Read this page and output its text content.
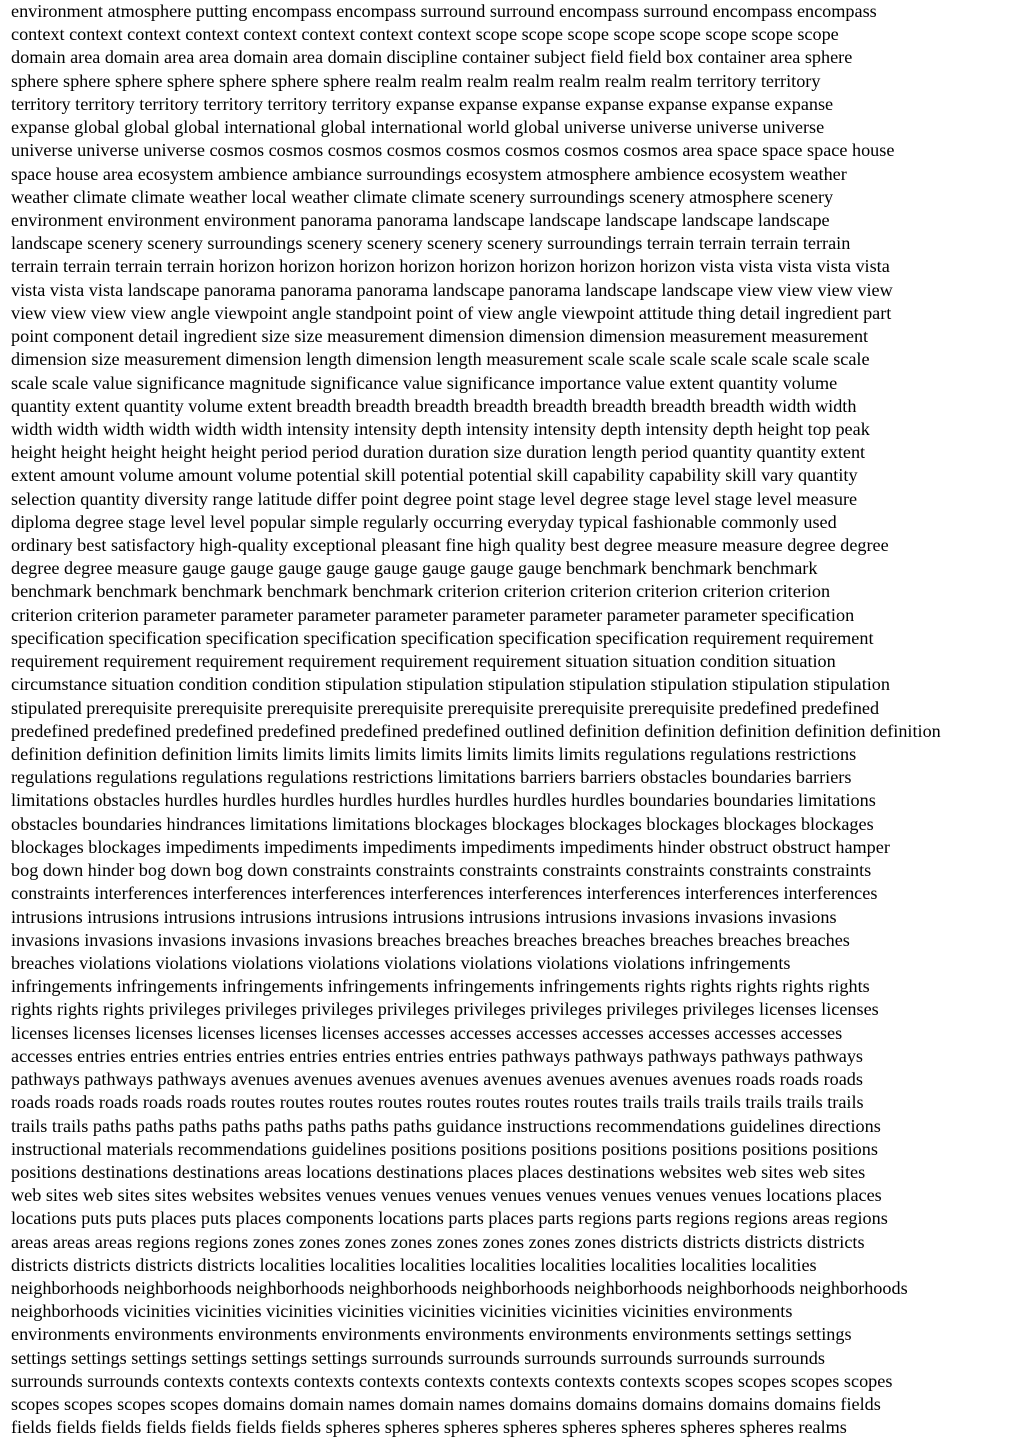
environment atmosphere putting encompass encompass surround surround encompass surround encompass encompass
context context context context context context context context scope scope scope scope scope scope scope scope
domain area domain area area domain area domain discipline container subject field field box container area sphere
sphere sphere sphere sphere sphere sphere sphere realm realm realm realm realm realm realm territory territory
territory territory territory territory territory territory expanse expanse expanse expanse expanse expanse expanse
expanse global global global international global international world global universe universe universe universe
universe universe universe cosmos cosmos cosmos cosmos cosmos cosmos cosmos cosmos area space space space house
space house area ecosystem ambience ambiance surroundings ecosystem atmosphere ambience ecosystem weather
weather climate climate weather local weather climate climate scenery surroundings scenery atmosphere scenery
environment environment environment panorama panorama landscape landscape landscape landscape landscape
landscape scenery scenery surroundings scenery scenery scenery scenery surroundings terrain terrain terrain terrain
terrain terrain terrain terrain horizon horizon horizon horizon horizon horizon horizon horizon vista vista vista vista vista
vista vista vista landscape panorama panorama panorama landscape panorama landscape landscape view view view view
view view view view angle viewpoint angle standpoint point of view angle viewpoint attitude thing detail ingredient part
point component detail ingredient size size measurement dimension dimension dimension measurement measurement
dimension size measurement dimension length dimension length measurement scale scale scale scale scale scale scale
scale scale value significance magnitude significance value significance importance value extent quantity volume
quantity extent quantity volume extent breadth breadth breadth breadth breadth breadth breadth breadth width width
width width width width width width intensity intensity depth intensity intensity depth intensity depth height top peak
height height height height height period period duration duration size duration length period quantity quantity extent
extent amount volume amount volume potential skill potential potential skill capability capability skill vary quantity
selection quantity diversity range latitude differ point degree point stage level degree stage level stage level measure
diploma degree stage level level popular simple regularly occurring everyday typical fashionable commonly used
ordinary best satisfactory high-quality exceptional pleasant fine high quality best degree measure measure degree degree
degree degree measure gauge gauge gauge gauge gauge gauge gauge gauge benchmark benchmark benchmark
benchmark benchmark benchmark benchmark benchmark criterion criterion criterion criterion criterion criterion
criterion criterion parameter parameter parameter parameter parameter parameter parameter parameter specification
specification specification specification specification specification specification specification requirement requirement
requirement requirement requirement requirement requirement requirement situation situation condition situation
circumstance situation condition condition stipulation stipulation stipulation stipulation stipulation stipulation stipulation
stipulated prerequisite prerequisite prerequisite prerequisite prerequisite prerequisite prerequisite predefined predefined
predefined predefined predefined predefined predefined predefined outlined definition definition definition definition definition
definition definition definition limits limits limits limits limits limits limits limits regulations regulations restrictions
regulations regulations regulations regulations restrictions limitations barriers barriers obstacles boundaries barriers
limitations obstacles hurdles hurdles hurdles hurdles hurdles hurdles hurdles hurdles boundaries boundaries limitations
obstacles boundaries hindrances limitations limitations blockages blockages blockages blockages blockages blockages
blockages blockages impediments impediments impediments impediments impediments hinder obstruct obstruct hamper
bog down hinder bog down bog down constraints constraints constraints constraints constraints constraints constraints
constraints interferences interferences interferences interferences interferences interferences interferences interferences
intrusions intrusions intrusions intrusions intrusions intrusions intrusions intrusions invasions invasions invasions
invasions invasions invasions invasions invasions breaches breaches breaches breaches breaches breaches breaches
breaches violations violations violations violations violations violations violations violations infringements
infringements infringements infringements infringements infringements infringements rights rights rights rights rights
rights rights rights privileges privileges privileges privileges privileges privileges privileges privileges licenses licenses
licenses licenses licenses licenses licenses licenses accesses accesses accesses accesses accesses accesses accesses
accesses entries entries entries entries entries entries entries entries pathways pathways pathways pathways pathways
pathways pathways pathways avenues avenues avenues avenues avenues avenues avenues avenues roads roads roads
roads roads roads roads roads routes routes routes routes routes routes routes routes trails trails trails trails trails trails
trails trails paths paths paths paths paths paths paths paths guidance instructions recommendations guidelines directions
instructional materials recommendations guidelines positions positions positions positions positions positions positions
positions destinations destinations areas locations destinations places places destinations websites web sites web sites
web sites web sites sites websites websites venues venues venues venues venues venues venues venues locations places
locations puts puts places puts places components locations parts places parts regions parts regions regions areas regions
areas areas areas regions regions zones zones zones zones zones zones zones zones districts districts districts districts
districts districts districts districts localities localities localities localities localities localities localities localities
neighborhoods neighborhoods neighborhoods neighborhoods neighborhoods neighborhoods neighborhoods neighborhoods
neighborhoods vicinities vicinities vicinities vicinities vicinities vicinities vicinities vicinities environments
environments environments environments environments environments environments environments settings settings
settings settings settings settings settings settings surrounds surrounds surrounds surrounds surrounds surrounds
surrounds surrounds contexts contexts contexts contexts contexts contexts contexts contexts scopes scopes scopes scopes
scopes scopes scopes scopes domains domain names domain names domains domains domains domains domains fields
fields fields fields fields fields fields fields spheres spheres spheres spheres spheres spheres spheres spheres realms
